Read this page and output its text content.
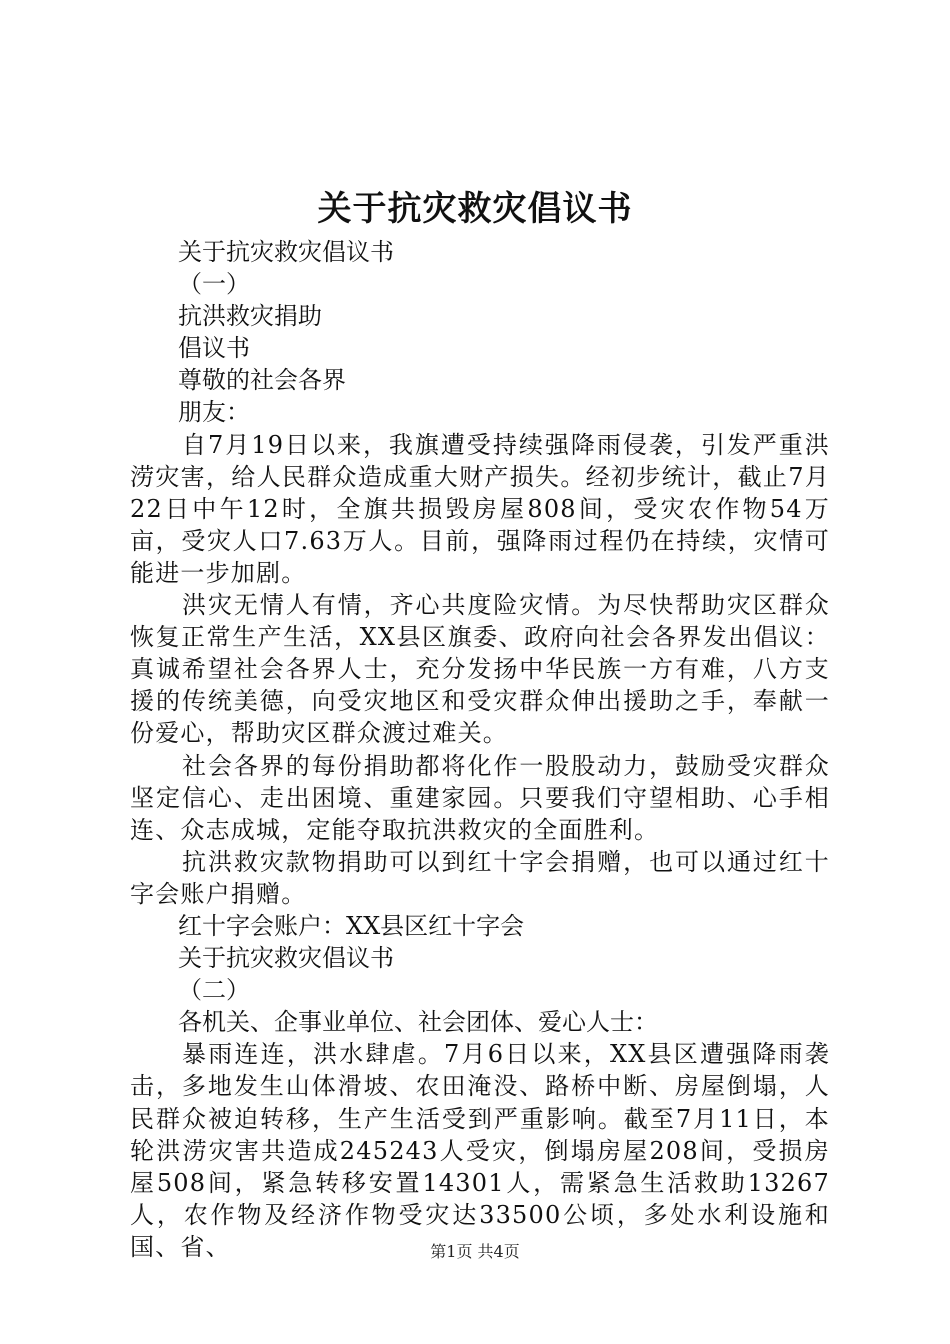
关于抗灾救灾倡议书

关于抗灾救灾倡议书

（一）

抗洪救灾捐助

倡议书

尊敬的社会各界

朋友：

自7月19日以来，我旗遭受持续强降雨侵袭，引发严重洪涝灾害，给人民群众造成重大财产损失。经初步统计，截止7月22日中午12时，全旗共损毁房屋808间，受灾农作物54万亩，受灾人口7.63万人。目前，强降雨过程仍在持续，灾情可能进一步加剧。

洪灾无情人有情，齐心共度险灾情。为尽快帮助灾区群众恢复正常生产生活，XX县区旗委、政府向社会各界发出倡议：真诚希望社会各界人士，充分发扬中华民族一方有难，八方支援的传统美德，向受灾地区和受灾群众伸出援助之手，奉献一份爱心，帮助灾区群众渡过难关。

社会各界的每份捐助都将化作一股股动力，鼓励受灾群众坚定信心、走出困境、重建家园。只要我们守望相助、心手相连、众志成城，定能夺取抗洪救灾的全面胜利。

抗洪救灾款物捐助可以到红十字会捐赠，也可以通过红十字会账户捐赠。

红十字会账户：XX县区红十字会

关于抗灾救灾倡议书

（二）

各机关、企事业单位、社会团体、爱心人士：

暴雨连连，洪水肆虐。7月6日以来，XX县区遭强降雨袭击，多地发生山体滑坡、农田淹没、路桥中断、房屋倒塌，人民群众被迫转移，生产生活受到严重影响。截至7月11日，本轮洪涝灾害共造成245243人受灾，倒塌房屋208间，受损房屋508间，紧急转移安置14301人，需紧急生活救助13267人，农作物及经济作物受灾达33500公顷，多处水利设施和国、省、	第1页 共4页
